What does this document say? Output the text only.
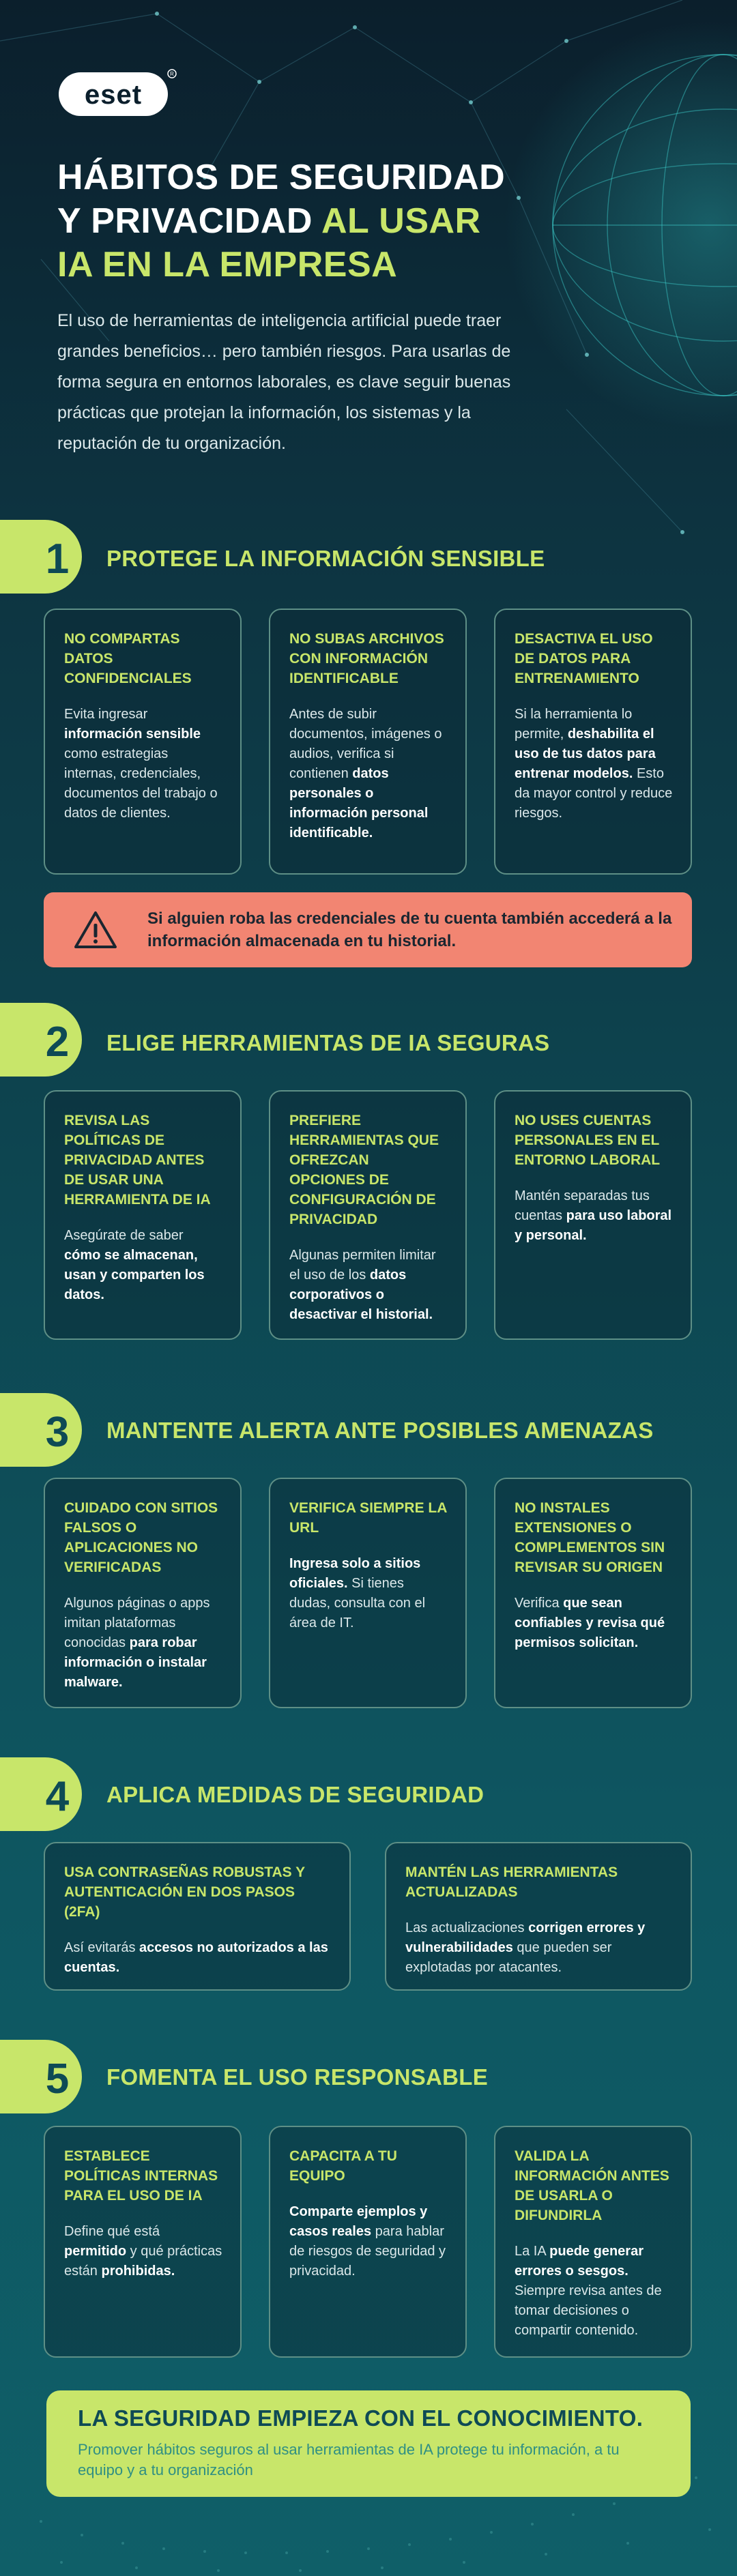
eset
R
HÁBITOS DE SEGURIDAD
Y PRIVACIDAD AL USAR
IA EN LA EMPRESA

El uso de herramientas de inteligencia artificial puede traer grandes beneficios… pero también riesgos. Para usarlas de forma segura en entornos laborales, es clave seguir buenas prácticas que protejan la información, los sistemas y la reputación de tu organización.

1 PROTEGE LA INFORMACIÓN SENSIBLE
NO COMPARTAS DATOS CONFIDENCIALES
Evita ingresar información sensible como estrategias internas, credenciales, documentos del trabajo o datos de clientes.
NO SUBAS ARCHIVOS CON INFORMACIÓN IDENTIFICABLE
Antes de subir documentos, imágenes o audios, verifica si contienen datos personales o información personal identificable.
DESACTIVA EL USO DE DATOS PARA ENTRENAMIENTO
Si la herramienta lo permite, deshabilita el uso de tus datos para entrenar modelos. Esto da mayor control y reduce riesgos.
2 ELIGE HERRAMIENTAS DE IA SEGURAS
REVISA LAS POLÍTICAS DE PRIVACIDAD ANTES DE USAR UNA HERRAMIENTA DE IA
Asegúrate de saber cómo se almacenan, usan y comparten los datos.
PREFIERE HERRAMIENTAS QUE OFREZCAN OPCIONES DE CONFIGURACIÓN DE PRIVACIDAD
Algunas permiten limitar el uso de los datos corporativos o desactivar el historial.
NO USES CUENTAS PERSONALES EN EL ENTORNO LABORAL
Mantén separadas tus cuentas para uso laboral y personal.
3 MANTENTE ALERTA ANTE POSIBLES AMENAZAS
CUIDADO CON SITIOS FALSOS O APLICACIONES NO VERIFICADAS
Algunos páginas o apps imitan plataformas conocidas para robar información o instalar malware.
VERIFICA SIEMPRE LA URL
Ingresa solo a sitios oficiales. Si tienes dudas, consulta con el área de IT.
NO INSTALES EXTENSIONES O COMPLEMENTOS SIN REVISAR SU ORIGEN
Verifica que sean confiables y revisa qué permisos solicitan.
4 APLICA MEDIDAS DE SEGURIDAD
USA CONTRASEÑAS ROBUSTAS Y AUTENTICACIÓN EN DOS PASOS (2FA)
Así evitarás accesos no autorizados a las cuentas.
MANTÉN LAS HERRAMIENTAS ACTUALIZADAS
Las actualizaciones corrigen errores y vulnerabilidades que pueden ser explotadas por atacantes.
5 FOMENTA EL USO RESPONSABLE
ESTABLECE POLÍTICAS INTERNAS PARA EL USO DE IA
Define qué está permitido y qué prácticas están prohibidas.
CAPACITA A TU EQUIPO
Comparte ejemplos y casos reales para hablar de riesgos de seguridad y privacidad.
VALIDA LA INFORMACIÓN ANTES DE USARLA O DIFUNDIRLA
La IA puede generar errores o sesgos. Siempre revisa antes de tomar decisiones o compartir contenido.
Si alguien roba las credenciales de tu cuenta también accederá a la información almacenada en tu historial.
LA SEGURIDAD EMPIEZA CON EL CONOCIMIENTO.
Promover hábitos seguros al usar herramientas de IA protege tu información, a tu equipo y a tu organización
